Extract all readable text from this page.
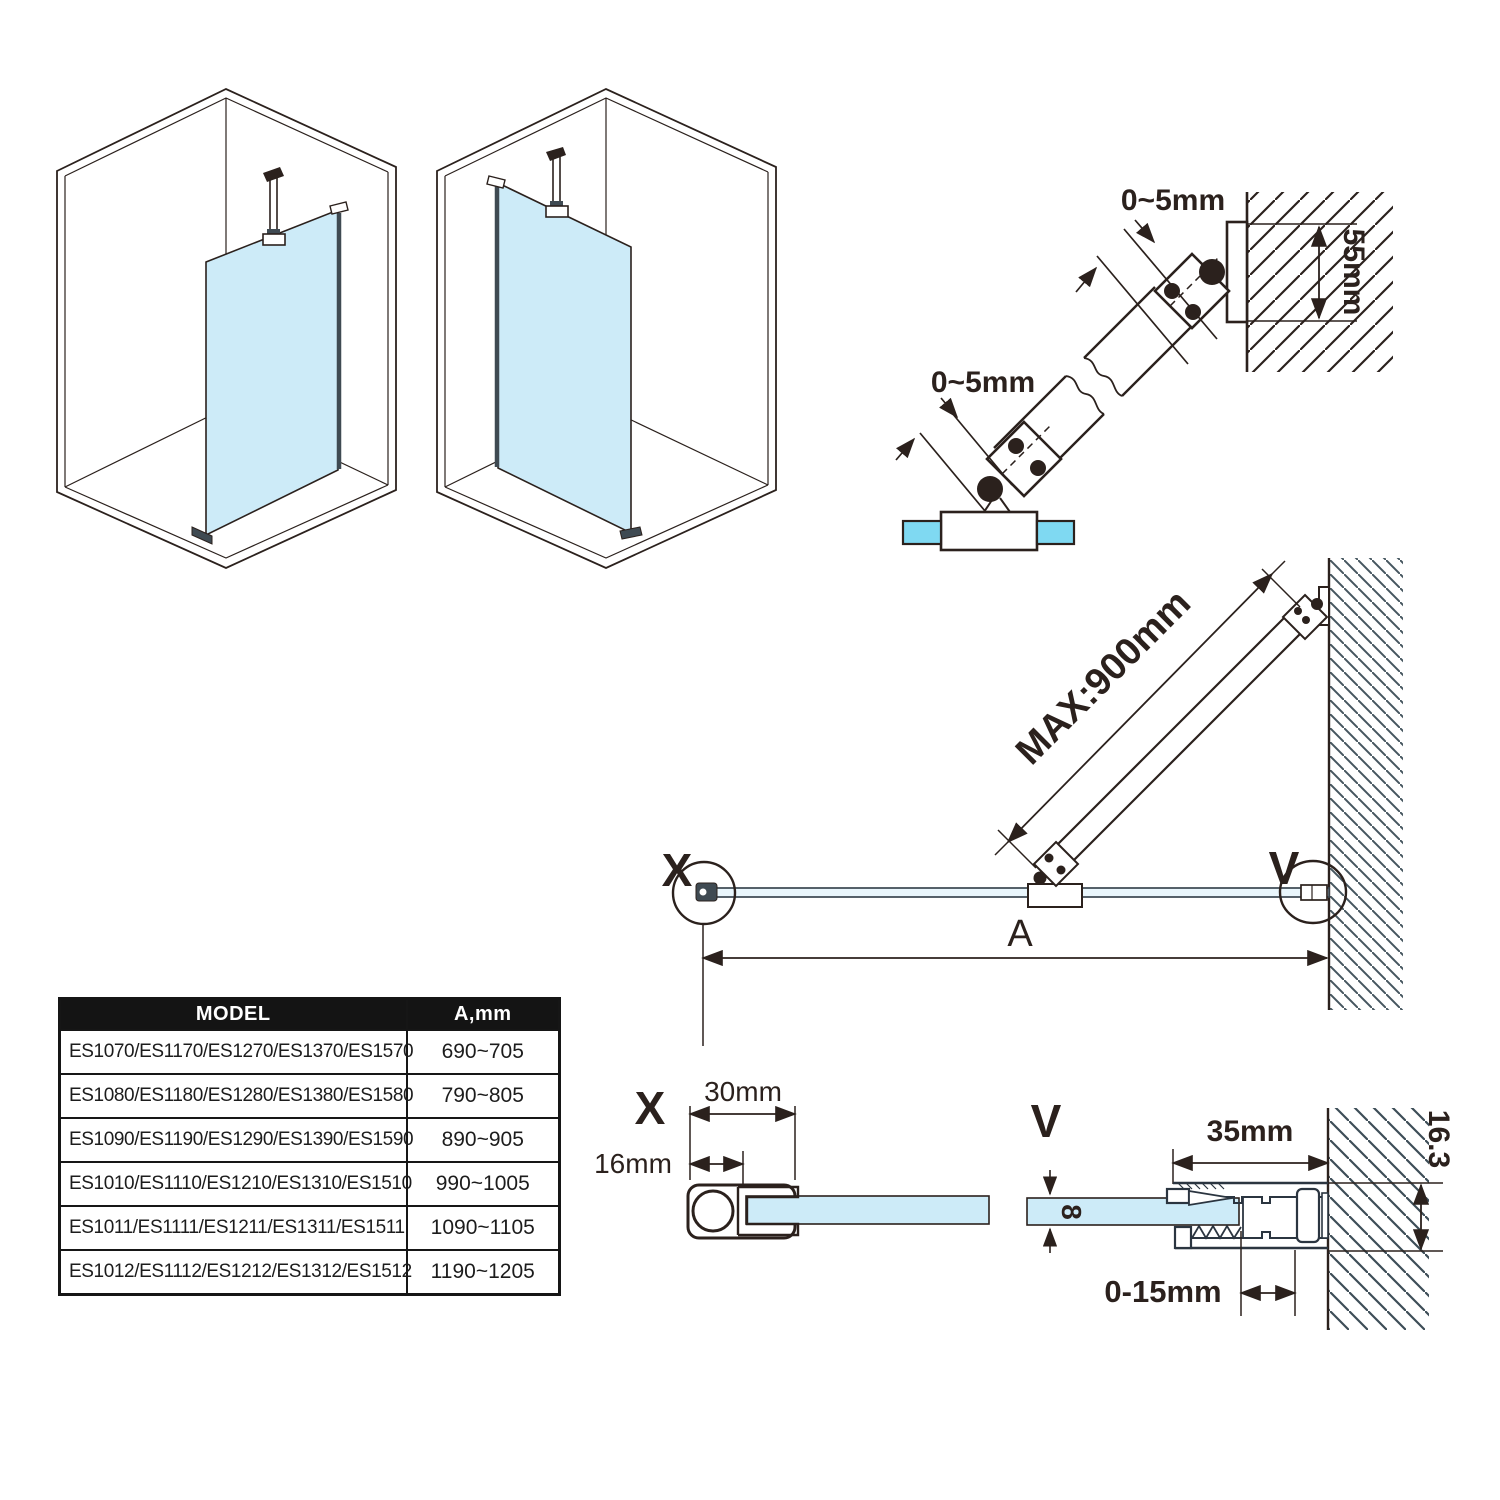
55mm
0~5mm
0~5mm
MAX:900mm
A
X	V
X 30mm
16mm
V	35mm	16.3
8
0-15mm
MODEL	A,mm
ES1070/ES1170/ES1270/ES1370/ES1570	690~705
ES1080/ES1180/ES1280/ES1380/ES1580	790~805
ES1090/ES1190/ES1290/ES1390/ES1590	890~905
ES1010/ES1110/ES1210/ES1310/ES1510	990~1005
ES1011/ES1111/ES1211/ES1311/ES1511	1090~1105
ES1012/ES1112/ES1212/ES1312/ES1512	1190~1205
